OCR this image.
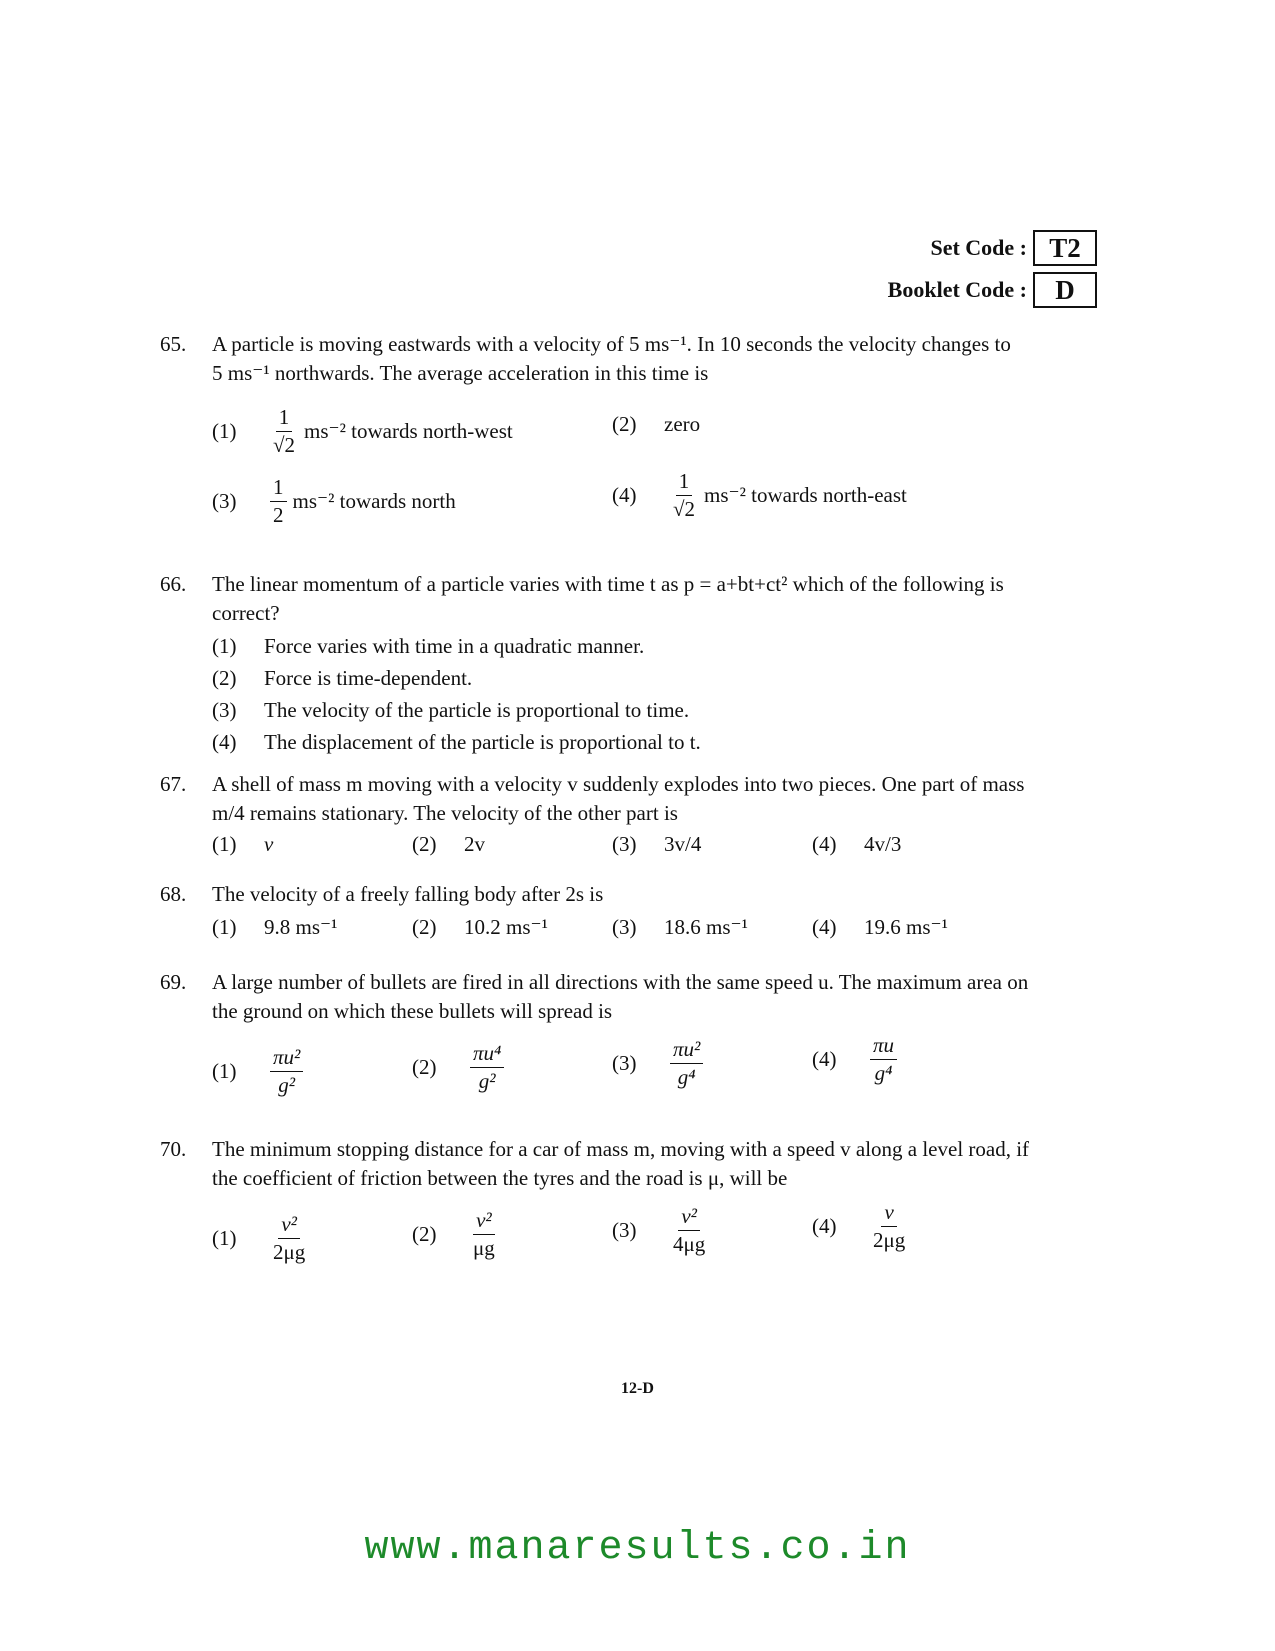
Set Code : T2
Booklet Code :	D
65. A particle is moving eastwards with a velocity of 5 ms⁻¹. In 10 seconds the velocity changes to
5 ms⁻¹ northwards. The average acceleration in this time is
(1)	$\frac{1}{√2} ms^{-2}$ towards north-west	(2)	zero
(3)	$\frac{1}{2} ms^{-2}$ towards north	(4)	$\frac{1}{√2} ms^{-2}$ towards north-east
66. The linear momentum of a particle varies with time t as p = a+bt+ct² which of the following is
correct?
(1)	Force varies with time in a quadratic manner.
(2)	Force is time-dependent.
(3)	The velocity of the particle is proportional to time.
(4)	The displacement of the particle is proportional to t.
67. A shell of mass m moving with a velocity v suddenly explodes into two pieces. One part of mass
m/4 remains stationary. The velocity of the other part is
(1)	v	(2)	2v	(3)	3v/4	(4)	4v/3
68. The velocity of a freely falling body after 2s is
(1)	9.8 ms⁻¹	(2)	10.2 ms⁻¹	(3)	18.6 ms⁻¹	(4)	19.6 ms⁻¹
69. A large number of bullets are fired in all directions with the same speed u. The maximum area on
the ground on which these bullets will spread is
(1)	$\frac{\text{πu²}}{\text{g²}}$	(2)	$\frac{\text{πu⁴}}{\text{g²}}$	(3)	$\frac{\text{πu²}}{\text{g⁴}}$	(4)	$\frac{\pi u}{\text{g⁴}}$
70. The minimum stopping distance for a car of mass m, moving with a speed v along a level road, if
the coefficient of friction between the tyres and the road is μ, will be
(1)	$\frac{\text{v²}}{2\mu g}$	(2)	$\frac{\text{v²}}{\mu g}$	(3)	$\frac{\text{v²}}{4\mu g}$	(4)	$\frac{v}{2\mu g}$
12-D
www.manaresults.co.in
